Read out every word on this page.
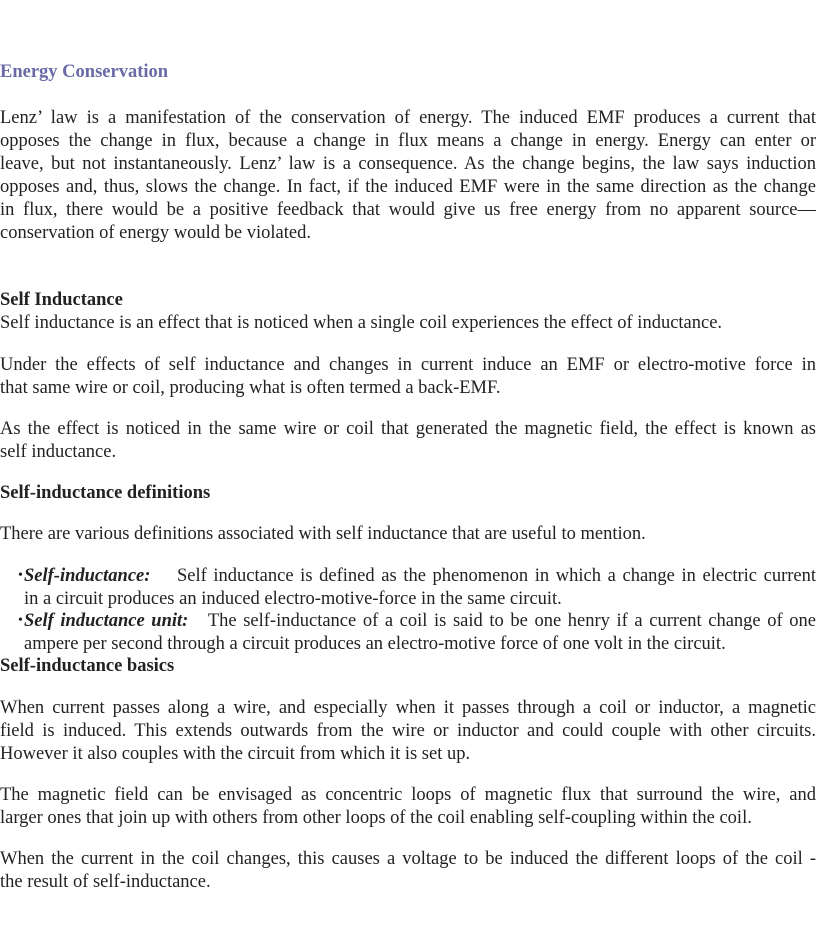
Energy Conservation
Lenz’ law is a manifestation of the conservation of energy. The induced EMF produces a current that
opposes the change in flux, because a change in flux means a change in energy. Energy can enter or
leave, but not instantaneously. Lenz’ law is a consequence. As the change begins, the law says induction
opposes and, thus, slows the change. In fact, if the induced EMF were in the same direction as the change
in flux, there would be a positive feedback that would give us free energy from no apparent source—
conservation of energy would be violated.
Self Inductance
Self inductance is an effect that is noticed when a single coil experiences the effect of inductance.
Under the effects of self inductance and changes in current induce an EMF or electro-motive force in
that same wire or coil, producing what is often termed a back-EMF.
As the effect is noticed in the same wire or coil that generated the magnetic field, the effect is known as
self inductance.
Self-inductance definitions
There are various definitions associated with self inductance that are useful to mention.
• Self-inductance: Self inductance is defined as the phenomenon in which a change in electric current
in a circuit produces an induced electro-motive-force in the same circuit.
• Self inductance unit: The self-inductance of a coil is said to be one henry if a current change of one
ampere per second through a circuit produces an electro-motive force of one volt in the circuit.
Self-inductance basics
When current passes along a wire, and especially when it passes through a coil or inductor, a magnetic
field is induced. This extends outwards from the wire or inductor and could couple with other circuits.
However it also couples with the circuit from which it is set up.
The magnetic field can be envisaged as concentric loops of magnetic flux that surround the wire, and
larger ones that join up with others from other loops of the coil enabling self-coupling within the coil.
When the current in the coil changes, this causes a voltage to be induced the different loops of the coil -
the result of self-inductance.
